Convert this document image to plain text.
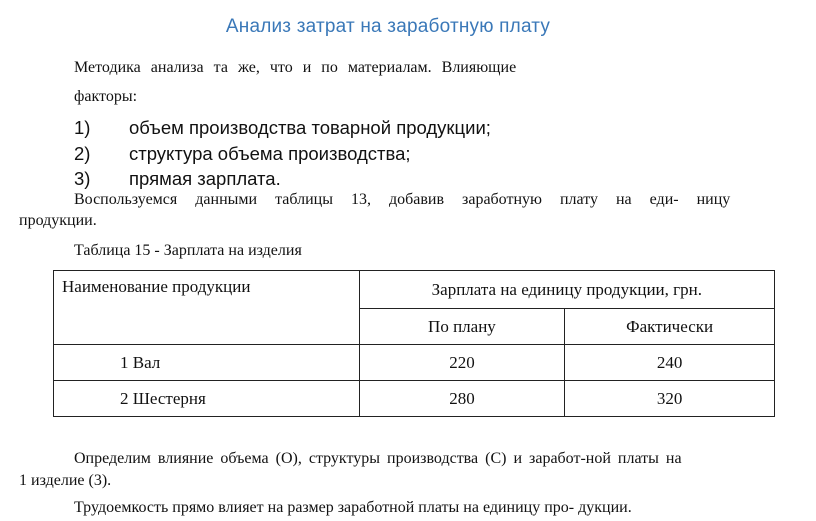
Анализ затрат на заработную плату
Методика анализа та же, что и по материалам. Влияющие
факторы:
1) объем производства товарной продукции;
2) структура объема производства;
3) прямая зарплата.
Воспользуемся данными таблицы 13, добавив заработную плату на еди- ницу
продукции.
Таблица 15 - Зарплата на изделия
Наименование продукции	Зарплата на единицу продукции, грн.	
	По плану	Фактически
1 Вал	220	240
2 Шестерня	280	320
Определим влияние объема (О), структуры производства (С) и заработ-ной платы на
1 изделие (3).
Трудоемкость прямо влияет на размер заработной платы на единицу про- дукции.
